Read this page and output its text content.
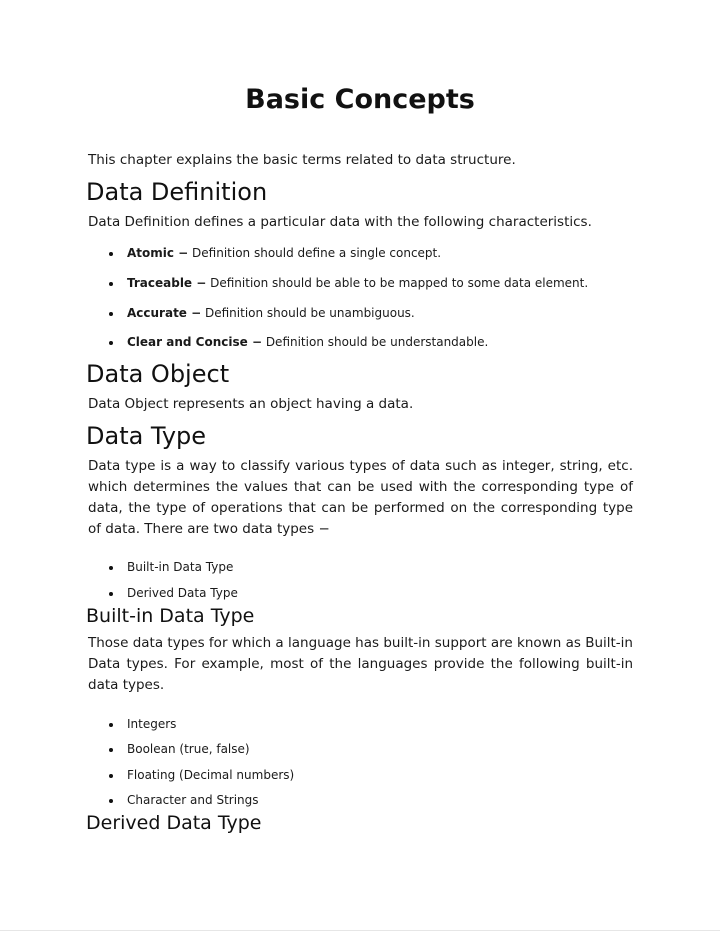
Basic Concepts

This chapter explains the basic terms related to data structure.

Data Definition

Data Definition defines a particular data with the following characteristics.

Atomic − Definition should define a single concept.
Traceable − Definition should be able to be mapped to some data element.
Accurate − Definition should be unambiguous.
Clear and Concise − Definition should be understandable.
Data Object

Data Object represents an object having a data.

Data Type

Data type is a way to classify various types of data such as integer, string, etc. which determines the values that can be used with the corresponding type of data, the type of operations that can be performed on the corresponding type of data. There are two data types −

Built-in Data Type
Derived Data Type
Built-in Data Type

Those data types for which a language has built-in support are known as Built-in Data types. For example, most of the languages provide the following built-in data types.

Integers
Boolean (true, false)
Floating (Decimal numbers)
Character and Strings
Derived Data Type
